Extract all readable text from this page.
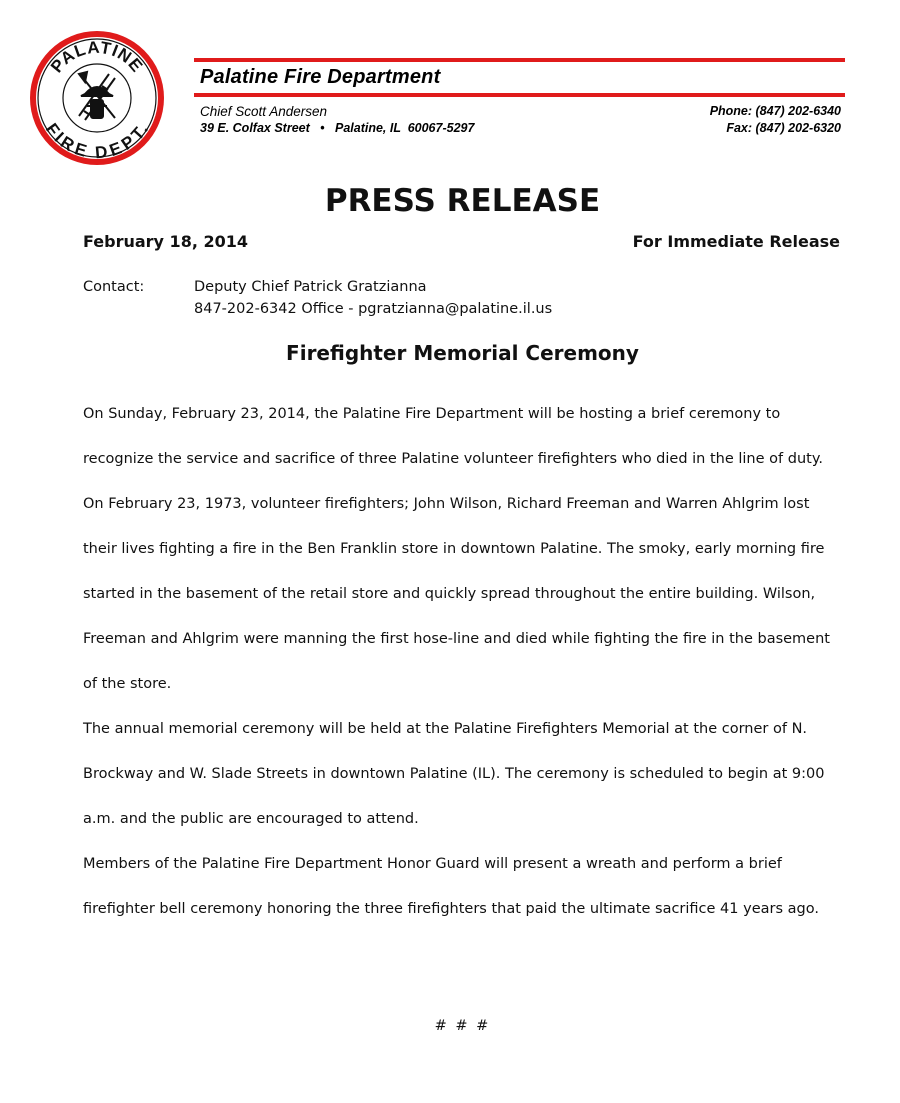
PALATINE
FIRE DEPT.
Palatine Fire Department
Chief Scott Andersen
39 E. Colfax Street   •   Palatine, IL  60067-5297
Phone: (847) 202-6340
Fax: (847) 202-6320
PRESS RELEASE
February 18, 2014	For Immediate Release
Contact:	Deputy Chief Patrick Gratzianna
847-202-6342 Office - pgratzianna@palatine.il.us
Firefighter Memorial Ceremony

On Sunday, February 23, 2014, the Palatine Fire Department will be hosting a brief ceremony to recognize the service and sacrifice of three Palatine volunteer firefighters who died in the line of duty.

On February 23, 1973, volunteer firefighters; John Wilson, Richard Freeman and Warren Ahlgrim lost their lives fighting a fire in the Ben Franklin store in downtown Palatine. The smoky, early morning fire started in the basement of the retail store and quickly spread throughout the entire building. Wilson, Freeman and Ahlgrim were manning the first hose-line and died while fighting the fire in the basement of the store.

The annual memorial ceremony will be held at the Palatine Firefighters Memorial at the corner of N. Brockway and W. Slade Streets in downtown Palatine (IL). The ceremony is scheduled to begin at 9:00 a.m. and the public are encouraged to attend.

Members of the Palatine Fire Department Honor Guard will present a wreath and perform a brief firefighter bell ceremony honoring the three firefighters that paid the ultimate sacrifice 41 years ago.

# # #
